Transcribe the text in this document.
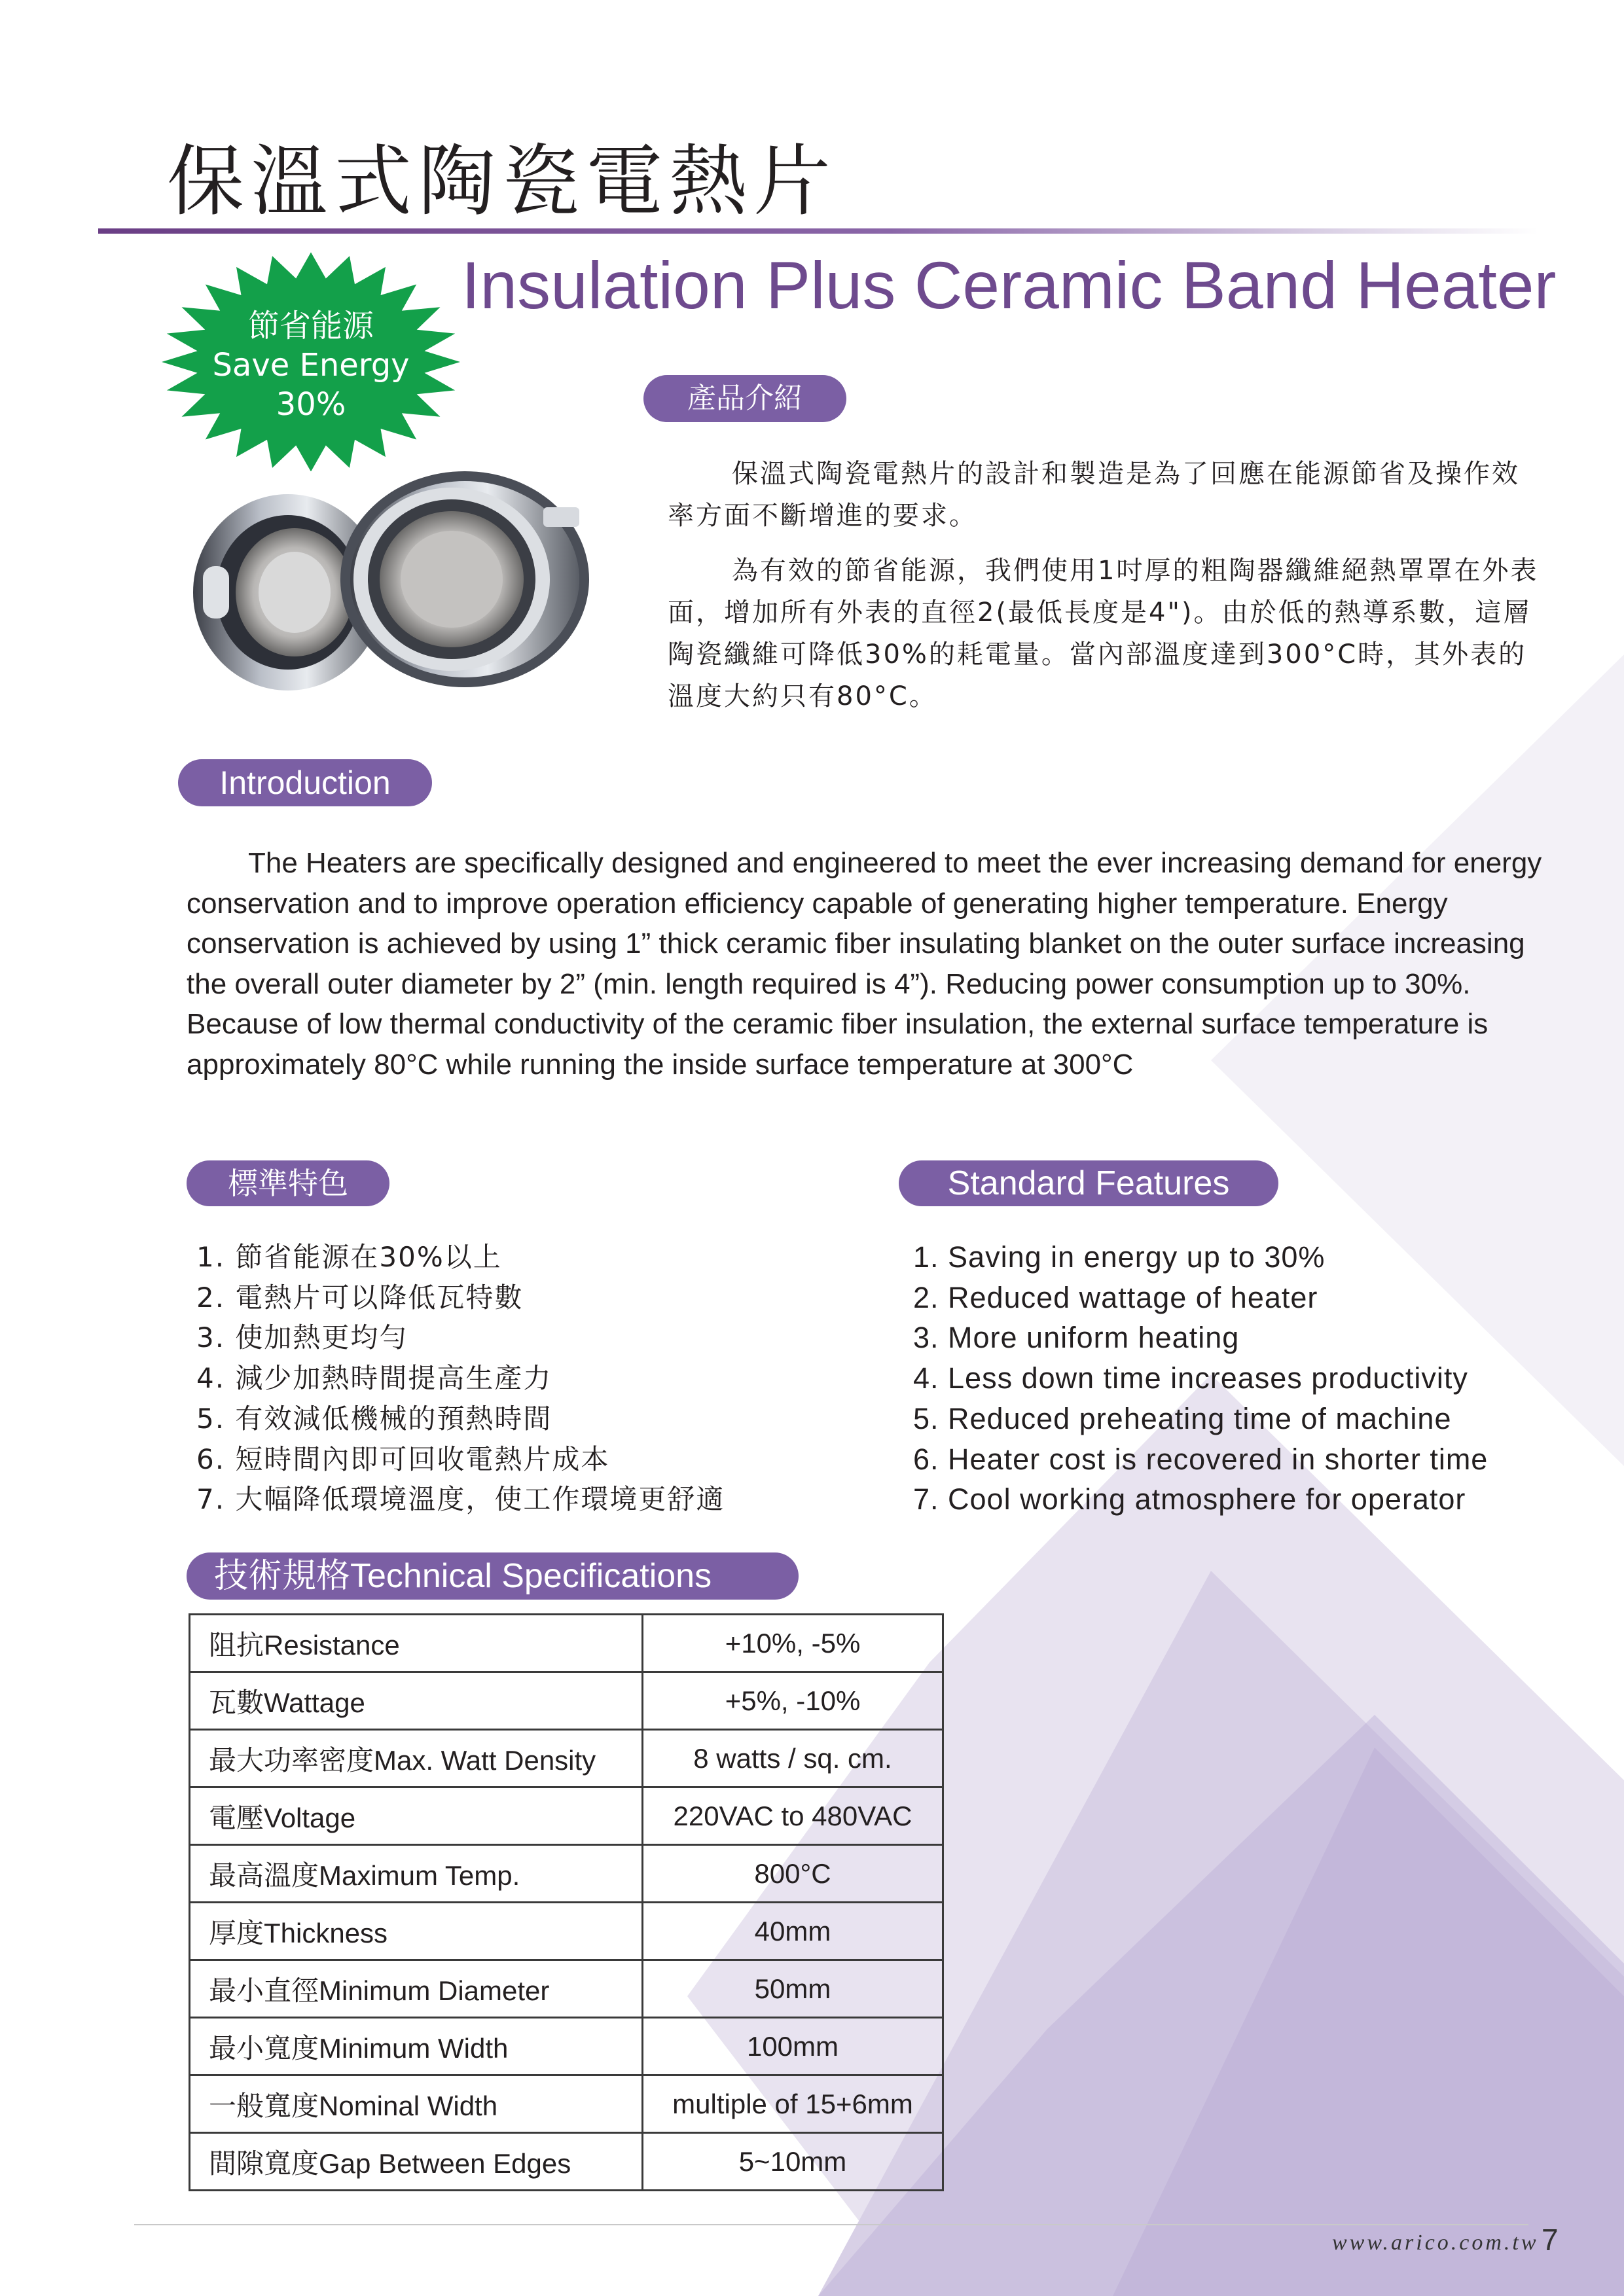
保溫式陶瓷電熱片
Insulation Plus Ceramic Band Heater
節省能源
Save Energy
30%	產品介紹
保溫式陶瓷電熱片的設計和製造是為了回應在能源節省及操作效率方面不斷增進的要求。
為有效的節省能源，我們使用1吋厚的粗陶器纖維絕熱罩罩在外表面，增加所有外表的直徑2(最低長度是4")。由於低的熱導系數，這層陶瓷纖維可降低30%的耗電量。當內部溫度達到300°C時，其外表的溫度大約只有80°C。
Introduction
The Heaters are specifically designed and engineered to meet the ever increasing demand for energy conservation and to improve operation efficiency capable of generating higher temperature. Energy conservation is achieved by using 1” thick ceramic fiber insulating blanket on the outer surface increasing the overall outer diameter by 2” (min. length required is 4”). Reducing power consumption up to 30%. Because of low thermal conductivity of the ceramic fiber insulation, the external surface temperature is approximately 80°C while running the inside surface temperature at 300°C
標準特色
1. 節省能源在30%以上
2. 電熱片可以降低瓦特數
3. 使加熱更均勻
4. 減少加熱時間提高生產力
5. 有效減低機械的預熱時間
6. 短時間內即可回收電熱片成本
7. 大幅降低環境溫度，使工作環境更舒適
Standard Features
1. Saving in energy up to 30%
2. Reduced wattage of heater
3. More uniform heating
4. Less down time increases productivity
5. Reduced preheating time of machine
6. Heater cost is recovered in shorter time
7. Cool working atmosphere for operator
技術規格Technical Specifications
阻抗Resistance	+10%, -5%
瓦數Wattage	+5%, -10%
最大功率密度Max. Watt Density	8 watts / sq. cm.
電壓Voltage	220VAC to 480VAC
最高溫度Maximum Temp.	800°C
厚度Thickness	40mm
最小直徑Minimum Diameter	50mm
最小寬度Minimum Width	100mm
一般寬度Nominal Width	multiple of 15+6mm
間隙寬度Gap Between Edges	5~10mm
www.arico.com.tw 7
